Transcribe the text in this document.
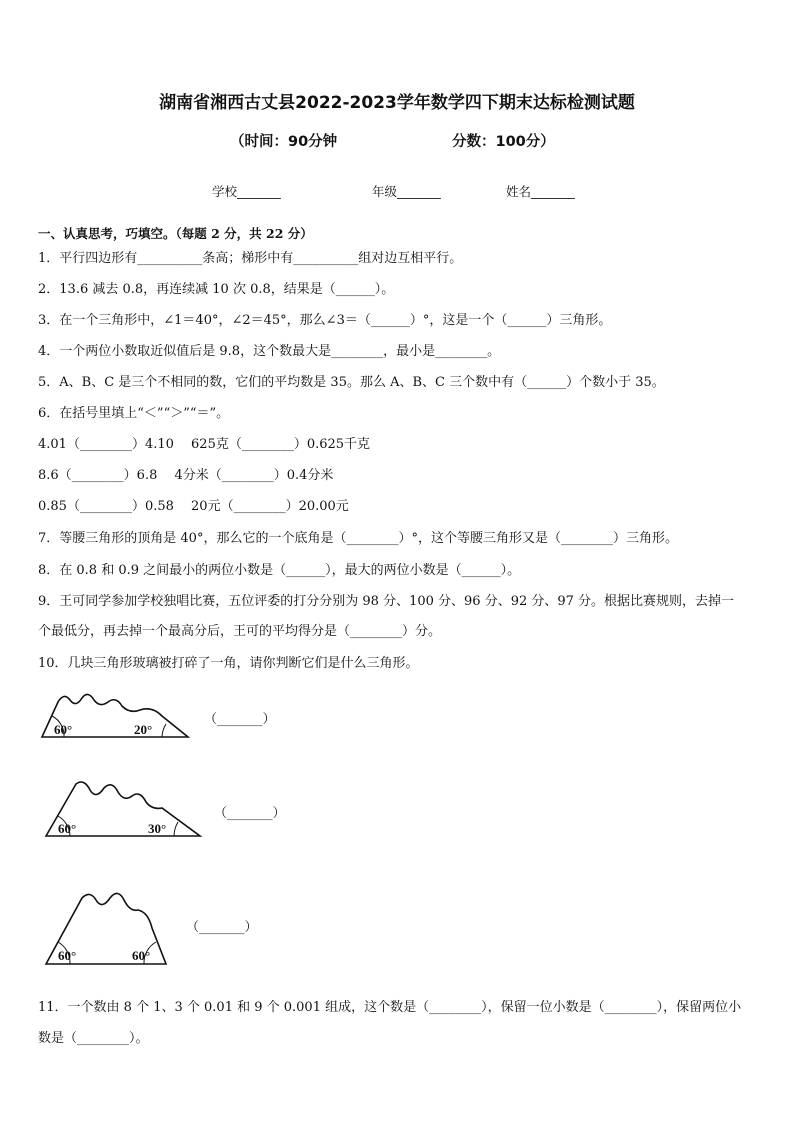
湖南省湘西古丈县2022-2023学年数学四下期末达标检测试题
（时间：90分钟	分数：100分）
学校_______	年级_______	姓名_______
一、认真思考，巧填空。（每题 2 分，共 22 分）
1．平行四边形有__________条高；梯形中有__________组对边互相平行。
2．13.6 减去 0.8，再连续减 10 次 0.8，结果是（______）。
3．在一个三角形中，∠1＝40°，∠2＝45°，那么∠3＝（______）°，这是一个（______）三角形。
4．一个两位小数取近似值后是 9.8，这个数最大是________，最小是________。
5．A、B、C 是三个不相同的数，它们的平均数是 35。那么 A、B、C 三个数中有（______）个数小于 35。
6．在括号里填上“＜”“＞”“＝”。
4.01（________）4.10　 625克（________）0.625千克
8.6（________）6.8　 4分米（________）0.4分米
0.85（________）0.58　 20元（________）20.00元
7．等腰三角形的顶角是 40°，那么它的一个底角是（________）°，这个等腰三角形又是（________）三角形。
8．在 0.8 和 0.9 之间最小的两位小数是（______），最大的两位小数是（______）。
9．王可同学参加学校独唱比赛，五位评委的打分分别为 98 分、100 分、96 分、92 分、97 分。根据比赛规则，去掉一
个最低分，再去掉一个最高分后，王可的平均得分是（________）分。
10．几块三角形玻璃被打碎了一角，请你判断它们是什么三角形。
60°	20°
（_______）
60°	30°
（_______）
60°	60°
（_______）
11．一个数由 8 个 1、3 个 0.01 和 9 个 0.001 组成，这个数是（________），保留一位小数是（________），保留两位小
数是（________）。
